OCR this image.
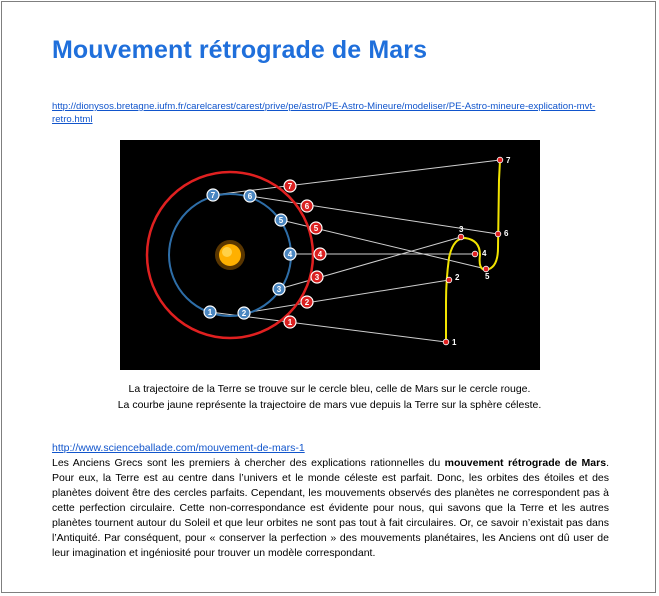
Mouvement rétrograde de Mars
http://dionysos.bretagne.iufm.fr/carelcarest/carest/prive/pe/astro/PE-Astro-Mineure/modeliser/PE-Astro-mineure-explication-mvt-retro.html
1	2
3
4
5
6
7
1
2
3
4
5
6
7
1
2
3
4
5
6
7
La trajectoire de la Terre se trouve sur le cercle bleu, celle de Mars sur le cercle rouge.
La courbe jaune représente la trajectoire de mars vue depuis la Terre sur la sphère céleste.
http://www.scienceballade.com/mouvement-de-mars-1
Les Anciens Grecs sont les premiers à chercher des explications rationnelles du mouvement rétrograde de Mars. Pour eux, la Terre est au centre dans l’univers et le monde céleste est parfait. Donc, les orbites des étoiles et des planètes doivent être des cercles parfaits. Cependant, les mouvements observés des planètes ne correspondent pas à cette perfection circulaire. Cette non-correspondance est évidente pour nous, qui savons que la Terre et les autres planètes tournent autour du Soleil et que leur orbites ne sont pas tout à fait circulaires. Or, ce savoir n’existait pas dans l’Antiquité. Par conséquent, pour « conserver la perfection » des mouvements planétaires, les Anciens ont dû user de leur imagination et ingéniosité pour trouver un modèle correspondant.
